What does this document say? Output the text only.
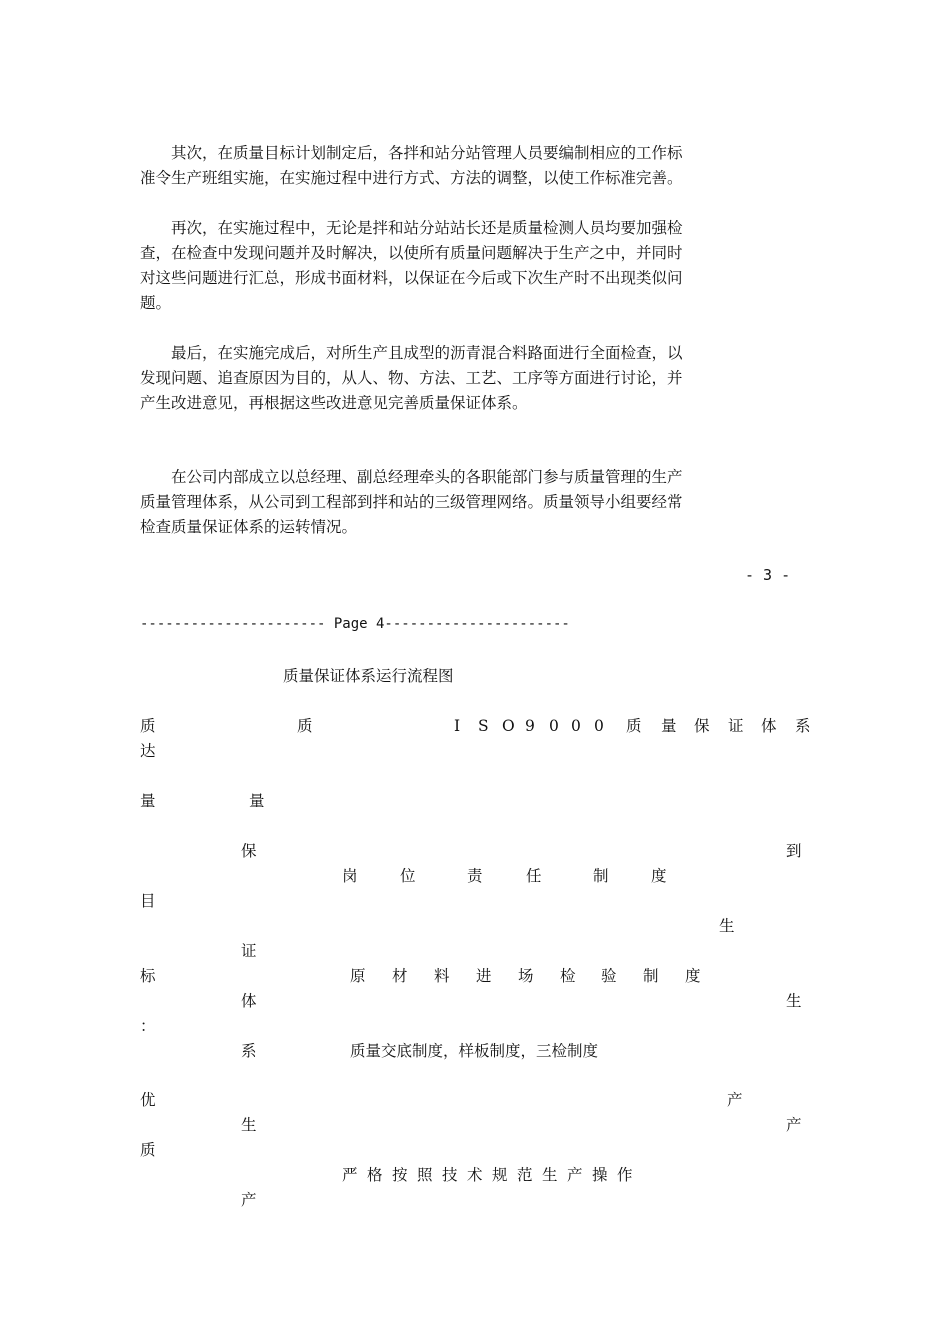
　　其次，在质量目标计划制定后，各拌和站分站管理人员要编制相应的工作标
准令生产班组实施，在实施过程中进行方式、方法的调整，以使工作标准完善。
　　再次，在实施过程中，无论是拌和站分站站长还是质量检测人员均要加强检
查，在检查中发现问题并及时解决，以使所有质量问题解决于生产之中，并同时
对这些问题进行汇总，形成书面材料，以保证在今后或下次生产时不出现类似问
题。
　　最后，在实施完成后，对所生产且成型的沥青混合料路面进行全面检查，以
发现问题、追查原因为目的，从人、物、方法、工艺、工序等方面进行讨论，并
产生改进意见，再根据这些改进意见完善质量保证体系。
　　在公司内部成立以总经理、副总经理牵头的各职能部门参与质量管理的生产
质量管理体系，从公司到工程部到拌和站的三级管理网络。质量领导小组要经常
检查质量保证体系的运转情况。
- 3 -
---------------------- Page 4----------------------
质量保证体系运行流程图
质
达
量
目
标
：
优
质
质
量
保
证
体
系
生
产
I S O 9 0 0 0 质 量 保 证 体 系
岗	位	责	任	制	度
原 材 料 进 场 检 验 制 度
质量交底制度，样板制度，三检制度
严 格 按 照 技 术 规 范 生 产 操 作
生
产
到
生
产
